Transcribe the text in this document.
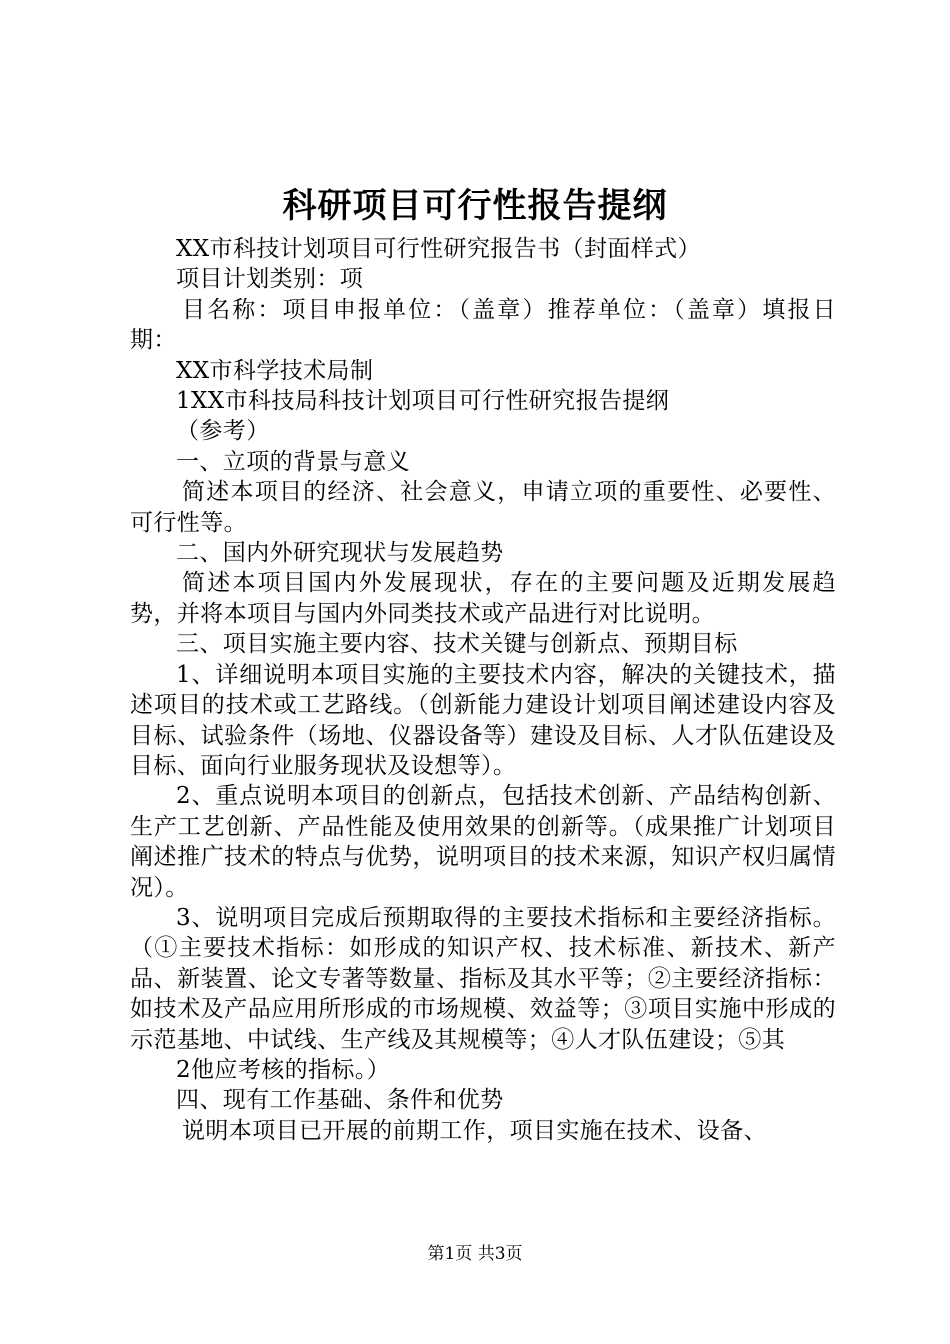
科研项目可行性报告提纲

XX市科技计划项目可行性研究报告书（封面样式）

项目计划类别：项

目名称：项目申报单位：（盖章）推荐单位：（盖章）填报日期：

XX市科学技术局制

1XX市科技局科技计划项目可行性研究报告提纲

（参考）

一、立项的背景与意义

简述本项目的经济、社会意义，申请立项的重要性、必要性、可行性等。

二、国内外研究现状与发展趋势

简述本项目国内外发展现状，存在的主要问题及近期发展趋势，并将本项目与国内外同类技术或产品进行对比说明。

三、项目实施主要内容、技术关键与创新点、预期目标

1、详细说明本项目实施的主要技术内容，解决的关键技术，描述项目的技术或工艺路线。（创新能力建设计划项目阐述建设内容及目标、试验条件（场地、仪器设备等）建设及目标、人才队伍建设及目标、面向行业服务现状及设想等）。

2、重点说明本项目的创新点，包括技术创新、产品结构创新、生产工艺创新、产品性能及使用效果的创新等。（成果推广计划项目阐述推广技术的特点与优势，说明项目的技术来源，知识产权归属情况）。

3、说明项目完成后预期取得的主要技术指标和主要经济指标。（①主要技术指标：如形成的知识产权、技术标准、新技术、新产品、新装置、论文专著等数量、指标及其水平等；②主要经济指标：如技术及产品应用所形成的市场规模、效益等；③项目实施中形成的示范基地、中试线、生产线及其规模等；④人才队伍建设；⑤其

2他应考核的指标。）

四、现有工作基础、条件和优势

说明本项目已开展的前期工作，项目实施在技术、设备、

第1页 共3页
